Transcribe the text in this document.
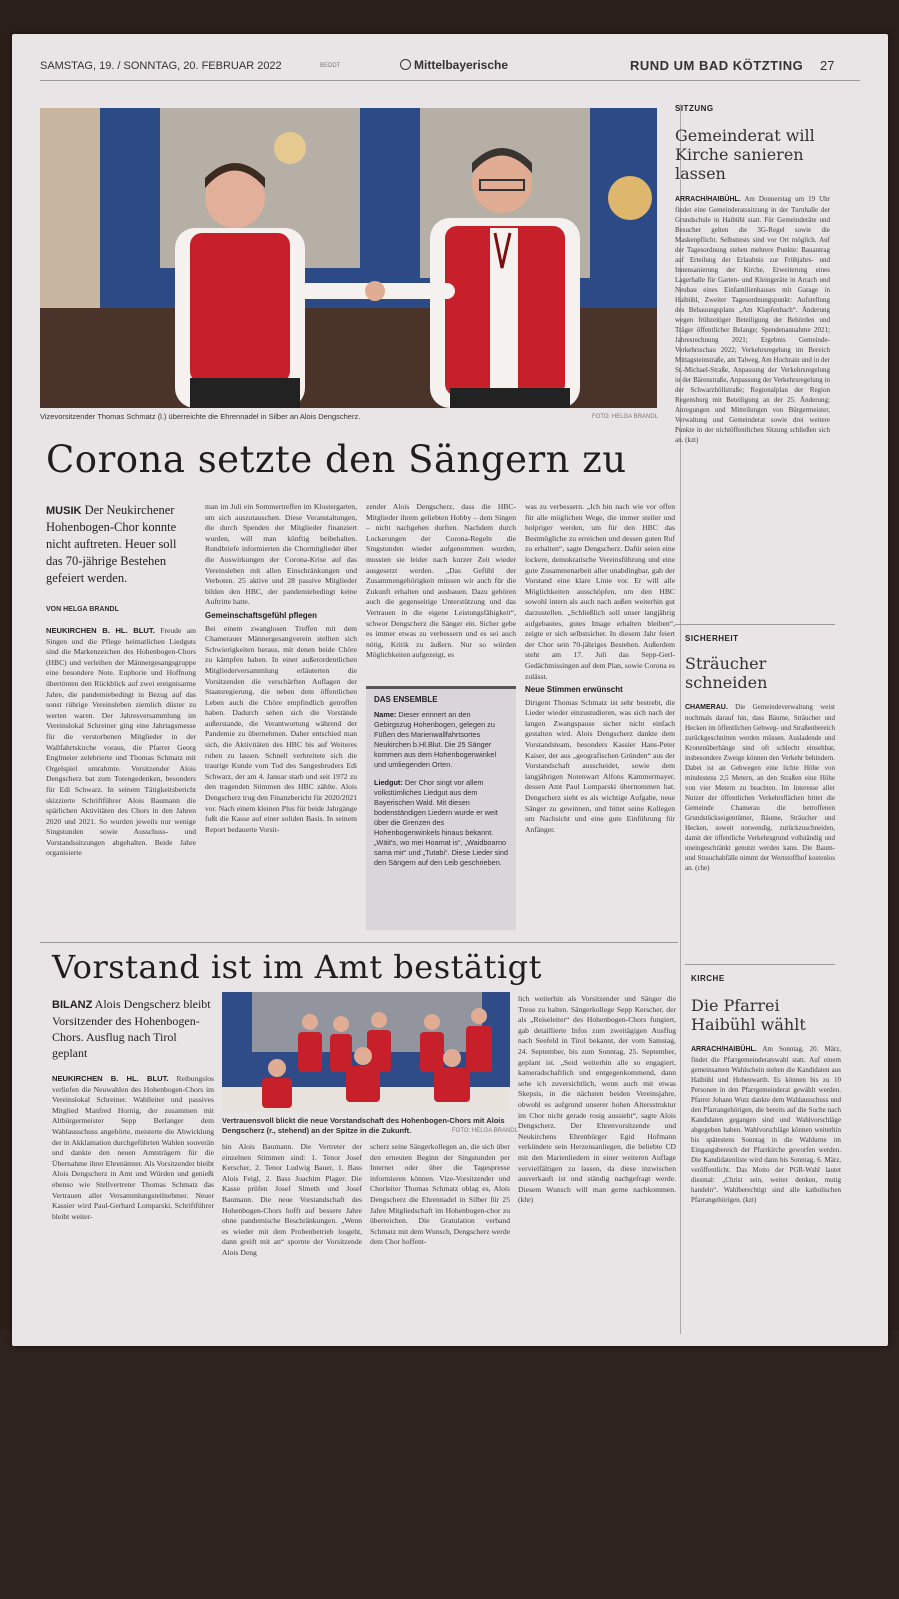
SAMSTAG, 19. / SONNTAG, 20. FEBRUAR 2022	BEDDT	Mittelbayerische	RUND UM BAD KÖTZTING 27
Vizevorsitzender Thomas Schmatz (l.) überreichte die Ehrennadel in Silber an Alois Dengscherz.	FOTO: HELGA BRANDL
Corona setzte den Sängern zu
MUSIK Der Neukirchener Hohenbogen-Chor konnte nicht auftreten. Heuer soll das 70-jährige Bestehen gefeiert werden.
VON HELGA BRANDL
NEUKIRCHEN B. HL. BLUT. Freude am Singen und die Pflege heimatlichen Liedguts sind die Markenzeichen des Hohenbogen-Chors (HBC) und verleihen der Männergesangsgruppe eine besondere Note. Euphorie und Hoffnung übertönten den Rückblick auf zwei ereignisarme Jahre, die pandemiebedingt in Bezug auf das sonst rührige Vereinsleben ziemlich düster zu werten waren. Der Jahresversammlung im Vereinslokal Schreiner ging eine Jahrtagsmesse für die verstorbenen Mitglieder in der Wallfahrtskirche voraus, die Pfarrer Georg Englmeier zelebrierte und Thomas Schmatz mit Orgelspiel umrahmte. Vorsitzender Alois Dengscherz bat zum Totengedenken, besonders für Edi Schwarz. In seinem Tätigkeitsbericht skizzierte Schriftführer Alois Baumann die spärlichen Aktivitäten des Chors in den Jahren 2020 und 2021. So wurden jeweils nur wenige Singstunden sowie Ausschuss- und Vorstandssitzungen abgehalten. Beide Jahre organisierte
man im Juli ein Sommertreffen im Klostergarten, um sich auszutauschen. Diese Veranstaltungen, die durch Spenden der Mitglieder finanziert wurden, will man künftig beibehalten. Rundbriefe informierten die Chormitglieder über die Auswirkungen der Corona-Krise auf das Vereinsleben mit allen Einschränkungen und Verboten. 25 aktive und 28 passive Mitglieder bilden den HBC, der pandemiebedingt keine Auftritte hatte.
Gemeinschaftsgefühl pflegen
Bei einem zwanglosen Treffen mit dem Chamerauer Männergesangverein stellten sich Schwierigkeiten heraus, mit denen beide Chöre zu kämpfen haben. In einer außerordentlichen Mitgliederversammlung erläuterten die Vorsitzenden die verschärften Auflagen der Staatsregierung, die neben dem öffentlichen Leben auch die Chöre empfindlich getroffen haben. Dadurch sehen sich die Vorstände außerstande, die Verantwortung während der Pandemie zu übernehmen. Daher entschied man sich, die Aktivitäten des HBC bis auf Weiteres ruhen zu lassen. Schnell verbreitete sich die traurige Kunde vom Tod des Sangesbruders Edi Schwarz, der am 4. Januar starb und seit 1972 zu den tragenden Stimmen des HBC zählte. Alois Dengscherz trug den Finanzbericht für 2020/2021 vor. Nach einem kleinen Plus für beide Jahrgänge fußt die Kasse auf einer soliden Basis. In seinem Report bedauerte Vorsit-
zender Alois Dengscherz, dass die HBC-Mitglieder ihrem geliebten Hobby – dem Singen – nicht nachgehen durften. Nachdem durch Lockerungen der Corona-Regeln die Singstunden wieder aufgenommen wurden, mussten sie leider nach kurzer Zeit wieder ausgesetzt werden. „Das Gefühl der Zusammengehörigkeit müssen wir auch für die Zukunft erhalten und ausbauen. Dazu gehören auch die gegenseitige Unterstützung und das Vertrauen in die eigene Leistungsfähigkeit“, schwor Dengscherz die Sänger ein. Sicher gebe es immer etwas zu verbessern und es sei auch nötig, Kritik zu äußern. Nur so würden Möglichkeiten aufgezeigt, es
DAS ENSEMBLE

Name: Dieser erinnert an den Gebirgszug Hohenbogen, gelegen zu Füßen des Marienwallfahrtsortes Neukirchen b.Hl.Blut. Die 25 Sänger kommen aus dem Hohenbogenwinkel und umliegenden Orten.

Liedgut: Der Chor singt vor allem volkstümliches Liedgut aus dem Bayerischen Wald. Mit diesen bodenständigen Liedern wurde er weit über die Grenzen des Hohenbogenwinkels hinaus bekannt. „Wäit's, wo mei Hoamat is“, „Waidboarno sama mir“ und „Tutabi“. Diese Lieder sind den Sängern auf den Leib geschrieben.

was zu verbessern. „Ich bin nach wie vor offen für alle möglichen Wege, die immer steiler und holpriger werden, um für den HBC das Bestmögliche zu erreichen und dessen guten Ruf zu erhalten“, sagte Dengscherz. Dafür seien eine lockere, demokratische Vereinsführung und eine gute Zusammenarbeit aller unabdingbar, gab der Vorstand eine klare Linie vor. Er will alle Möglichkeiten ausschöpfen, um den HBC sowohl intern als auch nach außen weiterhin gut darzustellen. „Schließlich soll unser langjährig aufgebautes, gutes Image erhalten bleiben“, zeigte er sich selbstsicher. In diesem Jahr feiert der Chor sein 70-jähriges Bestehen. Außerdem steht am 17. Juli das Sepp-Gerl-Gedächtnissingen auf dem Plan, sowie Corona es zulässt.
Neue Stimmen erwünscht
Dirigent Thomas Schmatz ist sehr bestrebt, die Lieder wieder einzustudieren, was sich nach der langen Zwangspause sicher nicht einfach gestalten wird. Alois Dengscherz dankte dem Vorstandsteam, besonders Kassier Hans-Peter Kaiser, der aus „geografischen Gründen“ aus der Vorstandschaft ausscheidet, sowie dem langjährigen Notenwart Alfons Kammermayer, dessen Amt Paul Lomparski übernommen hat. Dengscherz sieht es als wichtige Aufgabe, neue Sänger zu gewinnen, und bittet seine Kollegen um Nachsicht und eine gute Einführung für Anfänger.
Vorstand ist im Amt bestätigt
BILANZ Alois Dengscherz bleibt Vorsitzender des Hohenbogen-Chors. Ausflug nach Tirol geplant
NEUKIRCHEN B. HL. BLUT. Reibungslos verliefen die Neuwahlen des Hohenbogen-Chors im Vereinslokal Schreiner. Wahlleiter und passives Mitglied Manfred Hornig, der zusammen mit Altbürgermeister Sepp Berlanger dem Wahlausschuss angehörte, meisterte die Abwicklung der in Akklamation durchgeführten Wahlen souverän und dankte den neuen Amtsträgern für die Übernahme ihrer Ehrenämter. Als Vorsitzender bleibt Alois Dengscherz in Amt und Würden und genießt ebenso wie Stellvertreter Thomas Schmatz das Vertrauen aller Versammlungsteilnehmer. Neuer Kassier wird Paul-Gerhard Lomparski, Schriftführer bleibt weiter-
Vertrauensvoll blickt die neue Vorstandschaft des Hohenbogen-Chors mit Alois Dengscherz (r., stehend) an der Spitze in die Zukunft.	FOTO: HELGA BRANDL
hin Alois Baumann. Die Vertreter der einzelnen Stimmen sind: 1. Tenor Josef Kerscher, 2. Tenor Ludwig Bauer, 1. Bass Alois Feigl, 2. Bass Joachim Plager. Die Kasse prüfen Josef Slmeth und Josef Baumann. Die neue Vorstandschaft des Hohenbogen-Chors hofft auf bessere Jahre ohne pandemische Beschränkungen. „Wenn es wieder mit dem Probenbetrieb losgeht, dann greift mit an“ spornte der Vorsitzende Alois Deng
scherz seine Sängerkollegen an, die sich über den erneuten Beginn der Singstunden per Internet oder über die Tagespresse informieren können. Vize-Vorsitzender und Chorleiter Thomas Schmatz oblag es, Alois Dengscherz die Ehrennadel in Silber für 25 Jahre Mitgliedschaft im Hohenbogen-chor zu überreichen. Die Gratulation verband Schmatz mit dem Wunsch, Dengscherz werde dem Chor hoffent-
lich weiterhin als Vorsitzender und Sänger die Treue zu halten. Sängerkollege Sepp Kerscher, der als „Reiseleiter“ des Hohenbogen-Chors fungiert, gab detaillierte Infos zum zweitägigen Ausflug nach Seefeld in Tirol bekannt, der vom Samstag, 24. September, bis zum Sonntag, 25. September, geplant ist. „Seid weiterhin alle so engagiert, kameradschaftlich und entgegenkommend, dann sehe ich zuversichtlich, wenn auch mit etwas Skepsis, in die nächsten beiden Vereinsjahre, obwohl es aufgrund unserer hohen Altersstruktur im Chor nicht gerade rosig aussieht“, sagte Alois Dengscherz. Der Ehrenvorsitzende und Neukirchens Ehrenbürger Egid Hofmann verkündete sein Herzensanliegen, die beliebte CD mit den Marienliedern in einer weiteren Auflage vervielfältigen zu lassen, da diese inzwischen ausverkauft ist und ständig nachgefragt werde. Diesem Wunsch will man gerne nachkommen. (khr)
SITZUNG
Gemeinderat will Kirche sanieren lassen
ARRACH/HAIBÜHL. Am Donnerstag um 19 Uhr findet eine Gemeinderatssitzung in der Turnhalle der Grundschule in Haibühl statt. Für Gemeinderäte und Besucher gelten die 3G-Regel sowie die Maskenpflicht. Selbsttests sind vor Ort möglich. Auf der Tagesordnung stehen mehrere Punkte: Bauantrag auf Erteilung der Erlaubnis zur Frühjahrs- und Innensanierung der Kirche, Erweiterung eines Lagerhalle für Garten- und Kleingeräte in Arrach und Neubau eines Einfamilienhauses mit Garage in Haibühl, Zweiter Tagesordnungspunkt: Aufstellung des Bebauungsplans „Am Klapfenbach“. Änderung wegen frühzeitiger Beteiligung der Behörden und Träger öffentlicher Belange; Spendenannahme 2021; Jahresrechnung 2021; Ergebnis Gemeinde-Verkehrsschau 2022; Verkehrsregelung im Bereich Mittagsteinstraße, am Talweg, Am Hochrain und in der St.-Michael-Straße, Anpassung der Verkehrsregelung in der Bärenstraße, Anpassung der Verkehrsregelung in der Schwarzhöllstraße; Regionalplan der Region Regensburg mit Beteiligung an der 25. Änderung; Anregungen und Mitteilungen von Bürgermeister, Verwaltung und Gemeinderat sowie drei weitere Punkte in der nichtöffentlichen Sitzung schließen sich an. (kzt)
SICHERHEIT
Sträucher schneiden
CHAMERAU. Die Gemeindeverwaltung weist nochmals darauf hin, dass Bäume, Sträucher und Hecken im öffentlichen Gehweg- und Straßenbereich zurückgeschnitten werden müssen. Ausladende und Kronenüberhänge sind oft schlecht einsehbar, insbesondere Zweige können den Verkehr behindern. Dabei ist an Gehwegen eine lichte Höhe von mindestens 2,5 Metern, an den Straßen eine Höhe von vier Metern zu beachten. Im Interesse aller Nutzer der öffentlichen Verkehrsflächen bittet die Gemeinde Chamerau die betroffenen Grundstückseigentümer, Bäume, Sträucher und Hecken, soweit notwendig, zurückzuschneiden, damit der öffentliche Verkehrsgrund vollständig und uneingeschränkt genutzt werden kann. Die Baum- und Strauchabfälle nimmt der Wertstoffhof kostenlos an. (che)
KIRCHE
Die Pfarrei Haibühl wählt
ARRACH/HAIBÜHL. Am Sonntag, 20. März, findet die Pfarrgemeinderatswahl statt. Auf einem gemeinsamen Wahlschein stehen die Kandidaten aus Haibühl und Hohenwarth. Es können bis zu 10 Personen in den Pfarrgemeinderat gewählt werden. Pfarrer Johann Wutz dankte dem Wahlausschuss und den Pfarrangehörigen, die bereits auf die Suche nach Kandidaten gegangen sind und Wahlvorschläge abgegeben haben. Wahlvorschläge können weiterhin bis spätestens Sonntag in die Wahlurne im Eingangsbereich der Pfarrkirche geworfen werden. Die Kandidatenliste wird dann bis Sonntag, 6. März, veröffentlicht. Das Motto der PGR-Wahl lautet diesmal: „Christ sein, weiter denken, mutig handeln“. Wahlberechtigt sind alle katholischen Pfarrangehörigen. (kzt)
